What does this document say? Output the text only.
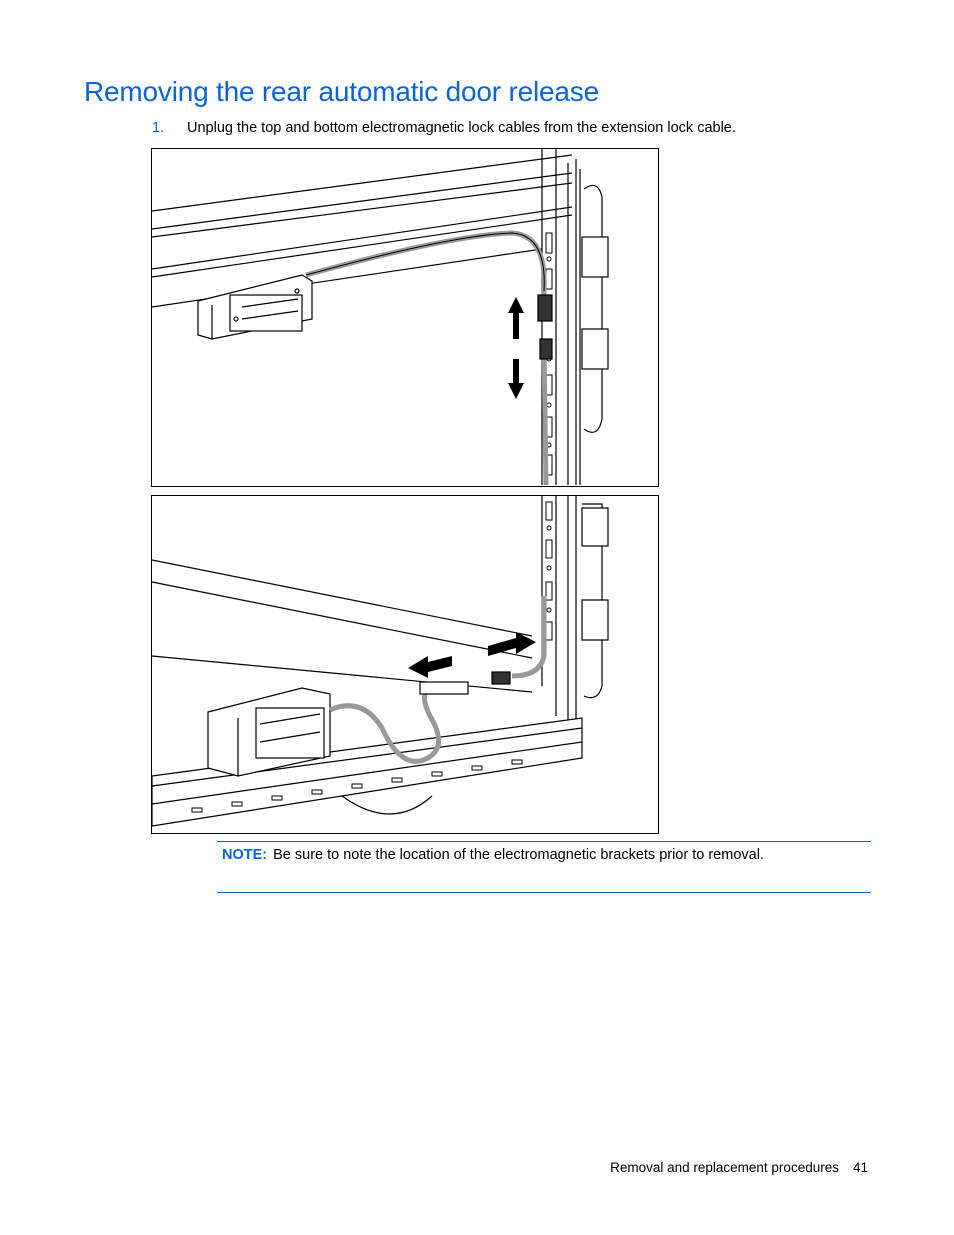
Removing the rear automatic door release
1. Unplug the top and bottom electromagnetic lock cables from the extension lock cable.
NOTE: Be sure to note the location of the electromagnetic brackets prior to removal.
Removal and replacement procedures 41
